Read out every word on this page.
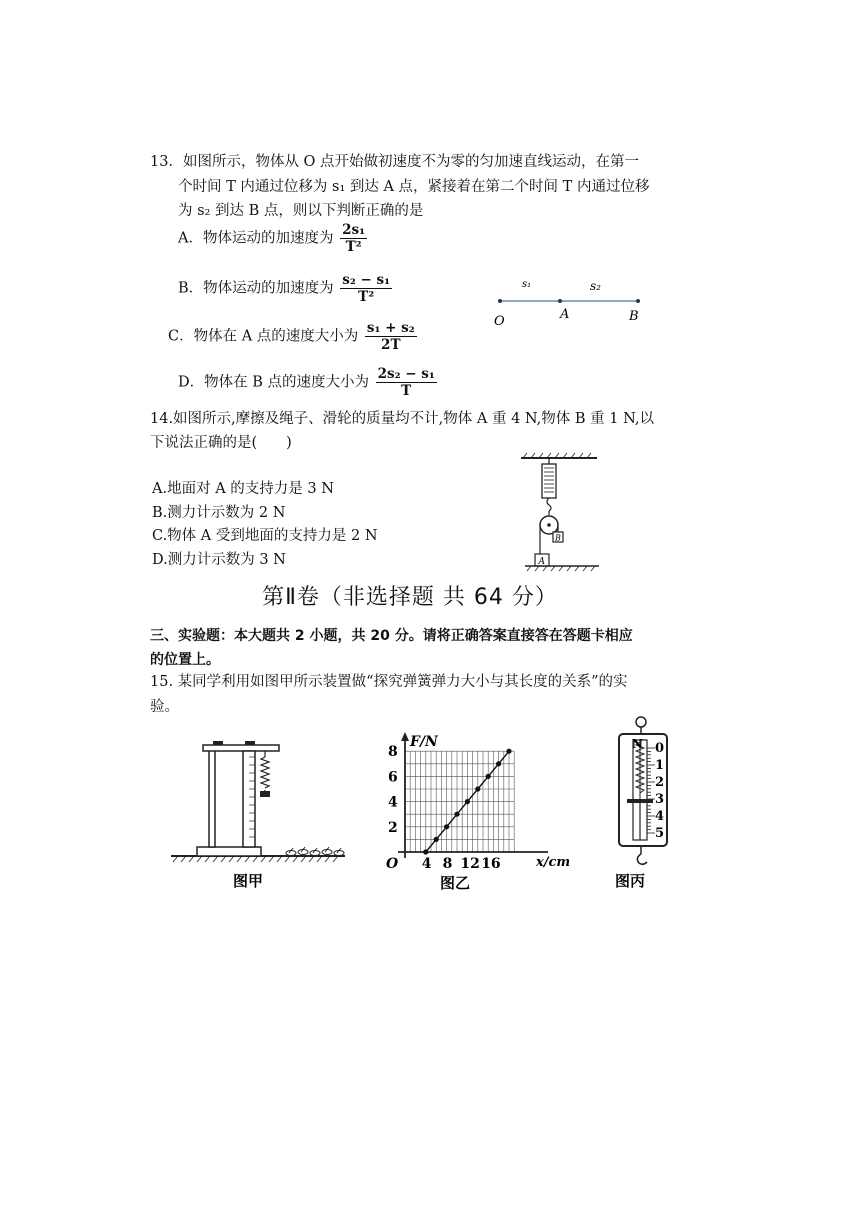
13．如图所示，物体从 O 点开始做初速度不为零的匀加速直线运动，在第一
个时间 T 内通过位移为 s₁ 到达 A 点，紧接着在第二个时间 T 内通过位移
为 s₂ 到达 B 点，则以下判断正确的是
A．物体运动的加速度为 $\frac{\text{2s₁}}{\text{T²}}$
B．物体运动的加速度为 $\frac{\text{s₂ − s₁}}{\text{T²}}$
C．物体在 A 点的速度大小为 $\frac{\text{s₁ + s₂}}{2T}$
D．物体在 B 点的速度大小为 $\frac{\text{2s₂ − s₁}}{T}$
s₁	s₂
O	A	B
14.如图所示,摩擦及绳子、滑轮的质量均不计,物体 A 重 4 N,物体 B 重 1 N,以
下说法正确的是(　　)
A.地面对 A 的支持力是 3 N
B.测力计示数为 2 N
C.物体 A 受到地面的支持力是 2 N
D.测力计示数为 3 N
B
A
第Ⅱ卷（非选择题 共 64 分）
三、实验题：本大题共 2 小题，共 20 分。请将正确答案直接答在答题卡相应
的位置上。
15. 某同学利用如图甲所示装置做“探究弹簧弹力大小与其长度的关系”的实
验。
图甲
F/N
O	x/cm
4 8 12 16
2
4
6
8
图乙
N 0
1
2
3
4
5
图丙
